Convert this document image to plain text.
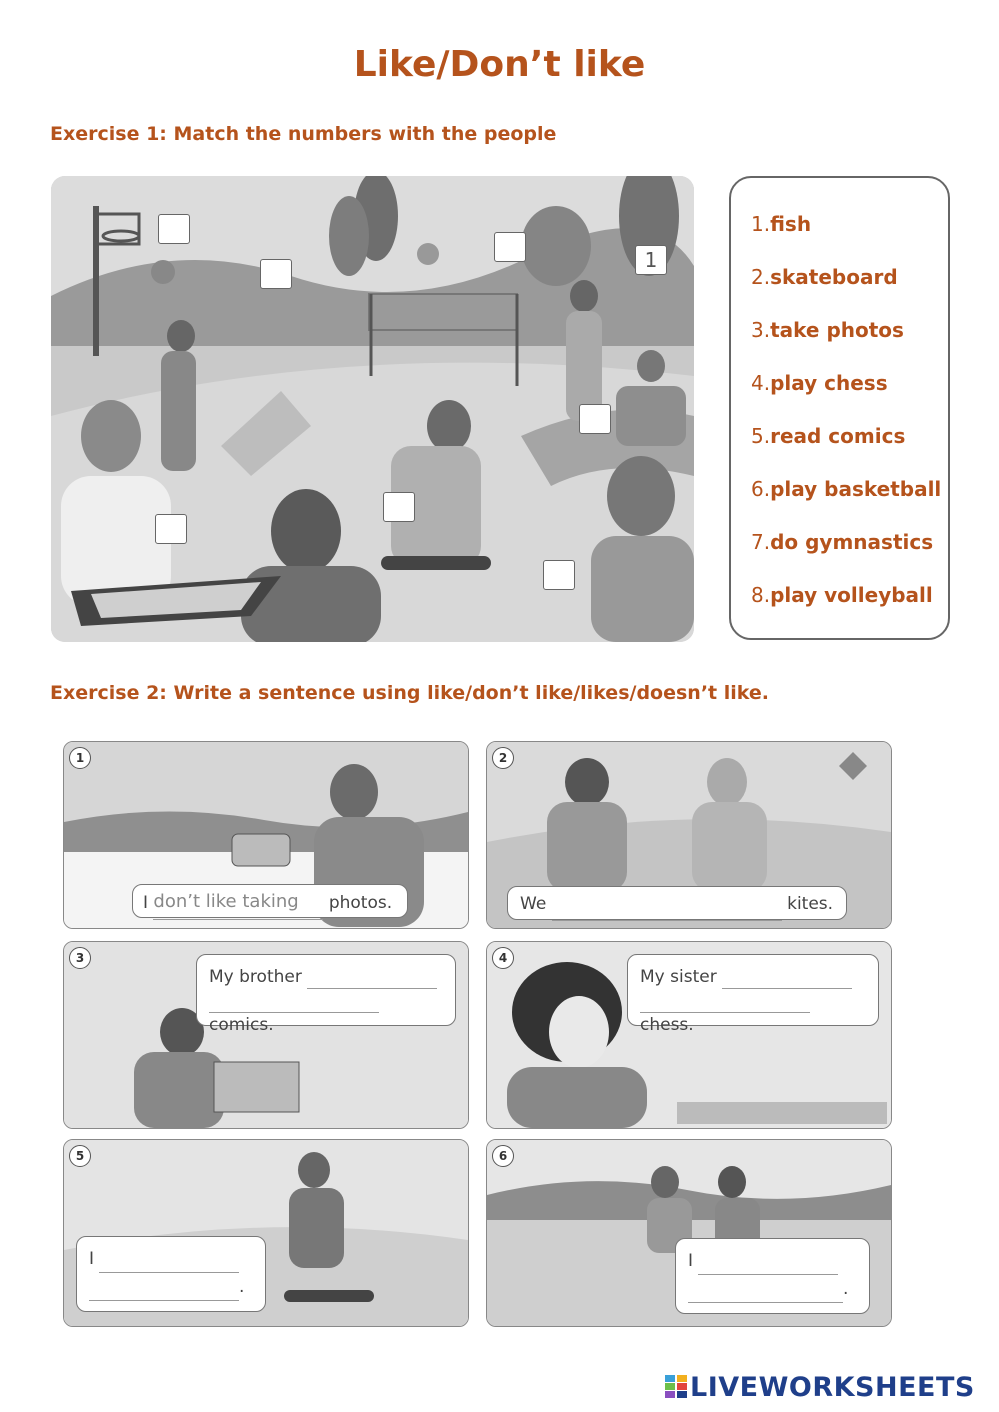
Like/Don’t like
Exercise 1: Match the numbers with the people
1
1.fish
2.skateboard
3.take photos
4.play chess
5.read comics
6.play basketball
7.do gymnastics
8.play volleyball
Exercise 2: Write a sentence using like/don’t like/likes/doesn’t like.
1
I don’t like taking photos.
2
We	kites.
3
My brother
comics.
4
My sister
chess.
5
I
.
6
I
.
LIVEWORKSHEETS
